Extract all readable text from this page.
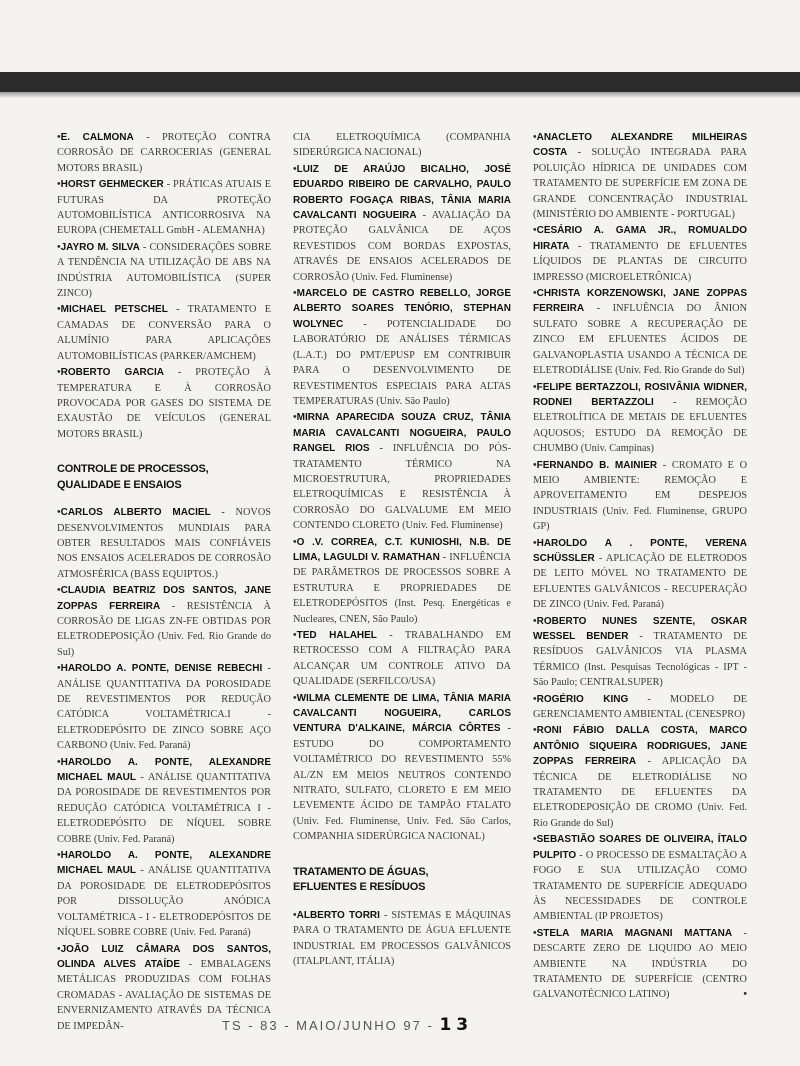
•E. CALMONA - PROTEÇÃO CONTRA CORROSÃO DE CARROCERIAS (GENERAL MOTORS BRASIL)
•HORST GEHMECKER - PRÁTICAS ATUAIS E FUTURAS DA PROTEÇÃO AUTOMOBILÍSTICA ANTICORROSIVA NA EUROPA (CHEMETALL GmbH - ALEMANHA)
•JAYRO M. SILVA - CONSIDERAÇÕES SOBRE A TENDÊNCIA NA UTILIZAÇÃO DE ABS NA INDÚSTRIA AUTOMOBILÍSTICA (SUPER ZINCO)
•MICHAEL PETSCHEL - TRATAMENTO E CAMADAS DE CONVERSÃO PARA O ALUMÍNIO PARA APLICAÇÕES AUTOMOBILÍSTICAS (PARKER/AMCHEM)
•ROBERTO GARCIA - PROTEÇÃO À TEMPERATURA E À CORROSÃO PROVOCADA POR GASES DO SISTEMA DE EXAUSTÃO DE VEÍCULOS (GENERAL MOTORS BRASIL)
CONTROLE DE PROCESSOS,
QUALIDADE E ENSAIOS
•CARLOS ALBERTO MACIEL - NOVOS DESENVOLVIMENTOS MUNDIAIS PARA OBTER RESULTADOS MAIS CONFIÁVEIS NOS ENSAIOS ACELERADOS DE CORROSÃO ATMOSFÉRICA (BASS EQUIPTOS.)
•CLAUDIA BEATRIZ DOS SANTOS, JANE ZOPPAS FERREIRA - RESISTÊNCIA À CORROSÃO DE LIGAS ZN-FE OBTIDAS POR ELETRODEPOSIÇÃO (Univ. Fed. Rio Grande do Sul)
•HAROLDO A. PONTE, DENISE REBECHI - ANÁLISE QUANTITATIVA DA POROSIDADE DE REVESTIMENTOS POR REDUÇÃO CATÓDICA VOLTAMÉTRICA.I - ELETRODEPÓSITO DE ZINCO SOBRE AÇO CARBONO (Univ. Fed. Paraná)
•HAROLDO A. PONTE, ALEXANDRE MICHAEL MAUL - ANÁLISE QUANTITATIVA DA POROSIDADE DE REVESTIMENTOS POR REDUÇÃO CATÓDICA VOLTAMÉTRICA I - ELETRODEPÓSITO DE NÍQUEL SOBRE COBRE (Univ. Fed. Paraná)
•HAROLDO A. PONTE, ALEXANDRE MICHAEL MAUL - ANÁLISE QUANTITATIVA DA POROSIDADE DE ELETRODEPÓSITOS POR DISSOLUÇÃO ANÓDICA VOLTAMÉTRICA - I - ELETRODEPÓSITOS DE NÍQUEL SOBRE COBRE (Univ. Fed. Paraná)
•JOÃO LUIZ CÂMARA DOS SANTOS, OLINDA ALVES ATAÍDE - EMBALAGENS METÁLICAS PRODUZIDAS COM FOLHAS CROMADAS - AVALIAÇÃO DE SISTEMAS DE ENVERNIZAMENTO ATRAVÉS DA TÉCNICA DE IMPEDÂN-
CIA ELETROQUÍMICA (COMPANHIA SIDERÚRGICA NACIONAL)
•LUIZ DE ARAÚJO BICALHO, JOSÉ EDUARDO RIBEIRO DE CARVALHO, PAULO ROBERTO FOGAÇA RIBAS, TÂNIA MARIA CAVALCANTI NOGUEIRA - AVALIAÇÃO DA PROTEÇÃO GALVÂNICA DE AÇOS REVESTIDOS COM BORDAS EXPOSTAS, ATRAVÉS DE ENSAIOS ACELERADOS DE CORROSÃO (Univ. Fed. Fluminense)
•MARCELO DE CASTRO REBELLO, JORGE ALBERTO SOARES TENÓRIO, STEPHAN WOLYNEC - POTENCIALIDADE DO LABORATÓRIO DE ANÁLISES TÉRMICAS (L.A.T.) DO PMT/EPUSP EM CONTRIBUIR PARA O DESENVOLVIMENTO DE REVESTIMENTOS ESPECIAIS PARA ALTAS TEMPERATURAS (Univ. São Paulo)
•MIRNA APARECIDA SOUZA CRUZ, TÂNIA MARIA CAVALCANTI NOGUEIRA, PAULO RANGEL RIOS - INFLUÊNCIA DO PÓS-TRATAMENTO TÉRMICO NA MICROESTRUTURA, PROPRIEDADES ELETROQUÍMICAS E RESISTÊNCIA À CORROSÃO DO GALVALUME EM MEIO CONTENDO CLORETO (Univ. Fed. Fluminense)
•O .V. CORREA, C.T. KUNIOSHI, N.B. DE LIMA, LAGULDI V. RAMATHAN - INFLUÊNCIA DE PARÂMETROS DE PROCESSOS SOBRE A ESTRUTURA E PROPRIEDADES DE ELETRODEPÓSITOS (Inst. Pesq. Energéticas e Nucleares, CNEN, São Paulo)
•TED HALAHEL - TRABALHANDO EM RETROCESSO COM A FILTRAÇÃO PARA ALCANÇAR UM CONTROLE ATIVO DA QUALIDADE (SERFILCO/USA)
•WILMA CLEMENTE DE LIMA, TÂNIA MARIA CAVALCANTI NOGUEIRA, CARLOS VENTURA D'ALKAINE, MÁRCIA CÔRTES - ESTUDO DO COMPORTAMENTO VOLTAMÉTRICO DO REVESTIMENTO 55% AL/ZN EM MEIOS NEUTROS CONTENDO NITRATO, SULFATO, CLORETO E EM MEIO LEVEMENTE ÁCIDO DE TAMPÃO FTALATO (Univ. Fed. Fluminense, Univ. Fed. São Carlos, COMPANHIA SIDERÚRGICA NACIONAL)
TRATAMENTO DE ÁGUAS,
EFLUENTES E RESÍDUOS
•ALBERTO TORRI - SISTEMAS E MÁQUINAS PARA O TRATAMENTO DE ÁGUA EFLUENTE INDUSTRIAL EM PROCESSOS GALVÂNICOS (ITALPLANT, ITÁLIA)
•ANACLETO ALEXANDRE MILHEIRAS COSTA - SOLUÇÃO INTEGRADA PARA POLUIÇÃO HÍDRICA DE UNIDADES COM TRATAMENTO DE SUPERFÍCIE EM ZONA DE GRANDE CONCENTRAÇÃO INDUSTRIAL (MINISTÉRIO DO AMBIENTE - PORTUGAL)
•CESÁRIO A. GAMA JR., ROMUALDO HIRATA - TRATAMENTO DE EFLUENTES LÍQUIDOS DE PLANTAS DE CIRCUITO IMPRESSO (MICROELETRÔNICA)
•CHRISTA KORZENOWSKI, JANE ZOPPAS FERREIRA - INFLUÊNCIA DO ÂNION SULFATO SOBRE A RECUPERAÇÃO DE ZINCO EM EFLUENTES ÁCIDOS DE GALVANOPLASTIA USANDO A TÉCNICA DE ELETRODIÁLISE (Univ. Fed. Rio Grande do Sul)
•FELIPE BERTAZZOLI, ROSIVÂNIA WIDNER, RODNEI BERTAZZOLI - REMOÇÃO ELETROLÍTICA DE METAIS DE EFLUENTES AQUOSOS; ESTUDO DA REMOÇÃO DE CHUMBO (Univ. Campinas)
•FERNANDO B. MAINIER - CROMATO E O MEIO AMBIENTE: REMOÇÃO E APROVEITAMENTO EM DESPEJOS INDUSTRIAIS (Univ. Fed. Fluminense, GRUPO GP)
•HAROLDO A . PONTE, VERENA SCHÜSSLER - APLICAÇÃO DE ELETRODOS DE LEITO MÓVEL NO TRATAMENTO DE EFLUENTES GALVÂNICOS - RECUPERAÇÃO DE ZINCO (Univ. Fed. Paraná)
•ROBERTO NUNES SZENTE, OSKAR WESSEL BENDER - TRATAMENTO DE RESÍDUOS GALVÂNICOS VIA PLASMA TÉRMICO (Inst. Pesquisas Tecnológicas - IPT - São Paulo; CENTRALSUPER)
•ROGÉRIO KING - MODELO DE GERENCIAMENTO AMBIENTAL (CENESPRO)
•RONI FÁBIO DALLA COSTA, MARCO ANTÔNIO SIQUEIRA RODRIGUES, JANE ZOPPAS FERREIRA - APLICAÇÃO DA TÉCNICA DE ELETRODIÁLISE NO TRATAMENTO DE EFLUENTES DA ELETRODEPOSIÇÃO DE CROMO (Univ. Fed. Rio Grande do Sul)
•SEBASTIÃO SOARES DE OLIVEIRA, ÍTALO PULPITO - O PROCESSO DE ESMALTAÇÃO A FOGO E SUA UTILIZAÇÃO COMO TRATAMENTO DE SUPERFÍCIE ADEQUADO ÀS NECESSIDADES DE CONTROLE AMBIENTAL (IP PROJETOS)
•STELA MARIA MAGNANI MATTANA - DESCARTE ZERO DE LIQUIDO AO MEIO AMBIENTE NA INDÚSTRIA DO TRATAMENTO DE SUPERFÍCIE (CENTRO GALVANOTÉCNICO LATINO)	•
TS - 83 - MAIO/JUNHO 97 - 13
